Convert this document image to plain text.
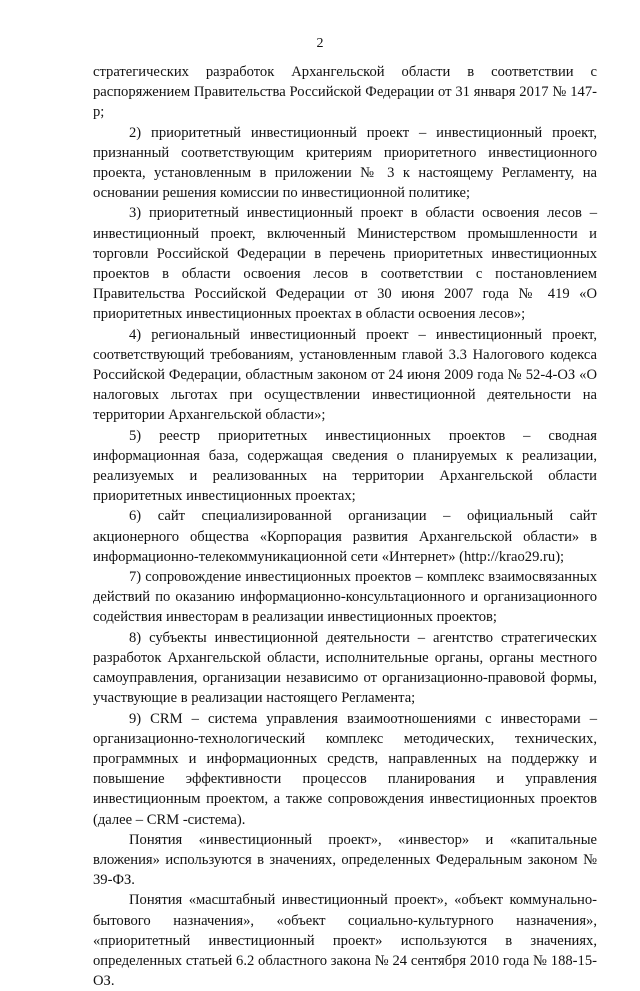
2

стратегических разработок Архангельской области в соответствии с распоряжением Правительства Российской Федерации от 31 января 2017 № 147-р;

2) приоритетный инвестиционный проект – инвестиционный проект, признанный соответствующим критериям приоритетного инвестиционного проекта, установленным в приложении № 3 к настоящему Регламенту, на основании решения комиссии по инвестиционной политике;

3) приоритетный инвестиционный проект в области освоения лесов – инвестиционный проект, включенный Министерством промышленности и торговли Российской Федерации в перечень приоритетных инвестиционных проектов в области освоения лесов в соответствии с постановлением Правительства Российской Федерации от 30 июня 2007 года № 419 «О приоритетных инвестиционных проектах в области освоения лесов»;

4) региональный инвестиционный проект – инвестиционный проект, соответствующий требованиям, установленным главой 3.3 Налогового кодекса Российской Федерации, областным законом от 24 июня 2009 года № 52-4-ОЗ «О налоговых льготах при осуществлении инвестиционной деятельности на территории Архангельской области»;

5) реестр приоритетных инвестиционных проектов – сводная информационная база, содержащая сведения о планируемых к реализации, реализуемых и реализованных на территории Архангельской области приоритетных инвестиционных проектах;

6) сайт специализированной организации – официальный сайт акционерного общества «Корпорация развития Архангельской области» в информационно-телекоммуникационной сети «Интернет» (http://krao29.ru);

7) сопровождение инвестиционных проектов – комплекс взаимосвязанных действий по оказанию информационно-консультационного и организационного содействия инвесторам в реализации инвестиционных проектов;

8) субъекты инвестиционной деятельности – агентство стратегических разработок Архангельской области, исполнительные органы, органы местного самоуправления, организации независимо от организационно-правовой формы, участвующие в реализации настоящего Регламента;

9) CRM – система управления взаимоотношениями с инвесторами – организационно-технологический комплекс методических, технических, программных и информационных средств, направленных на поддержку и повышение эффективности процессов планирования и управления инвестиционным проектом, а также сопровождения инвестиционных проектов (далее – CRM -система).

Понятия «инвестиционный проект», «инвестор» и «капитальные вложения» используются в значениях, определенных Федеральным законом № 39-ФЗ.

Понятия «масштабный инвестиционный проект», «объект коммунально-бытового назначения», «объект социально-культурного назначения», «приоритетный инвестиционный проект» используются в значениях, определенных статьей 6.2 областного закона № 24 сентября 2010 года № 188-15-ОЗ.
